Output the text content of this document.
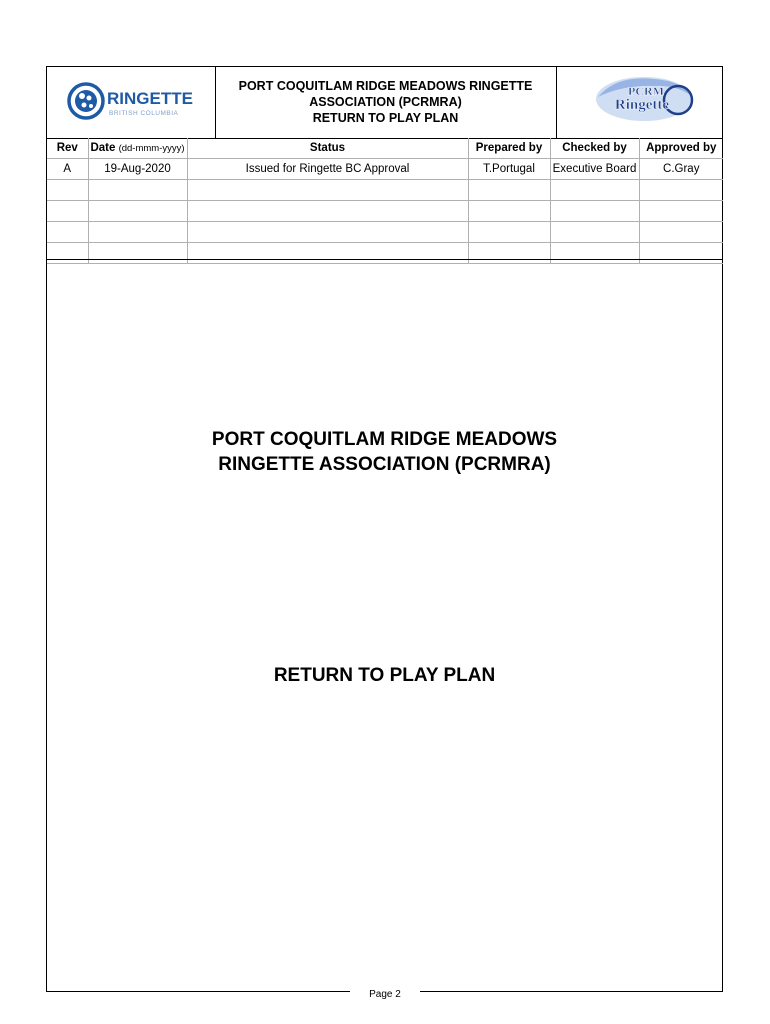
RINGETTE
BRITISH COLUMBIA
PORT COQUITLAM RIDGE MEADOWS RINGETTE
ASSOCIATION (PCRMRA)
RETURN TO PLAY PLAN
PCRM
Ringette
Rev	Date (dd-mmm-yyyy)	Status	Prepared by	Checked by	Approved by
A	19-Aug-2020	Issued for Ringette BC Approval	T.Portugal	Executive Board	C.Gray

PORT COQUITLAM RIDGE MEADOWS
RINGETTE ASSOCIATION (PCRMRA)
RETURN TO PLAY PLAN
Page 2
